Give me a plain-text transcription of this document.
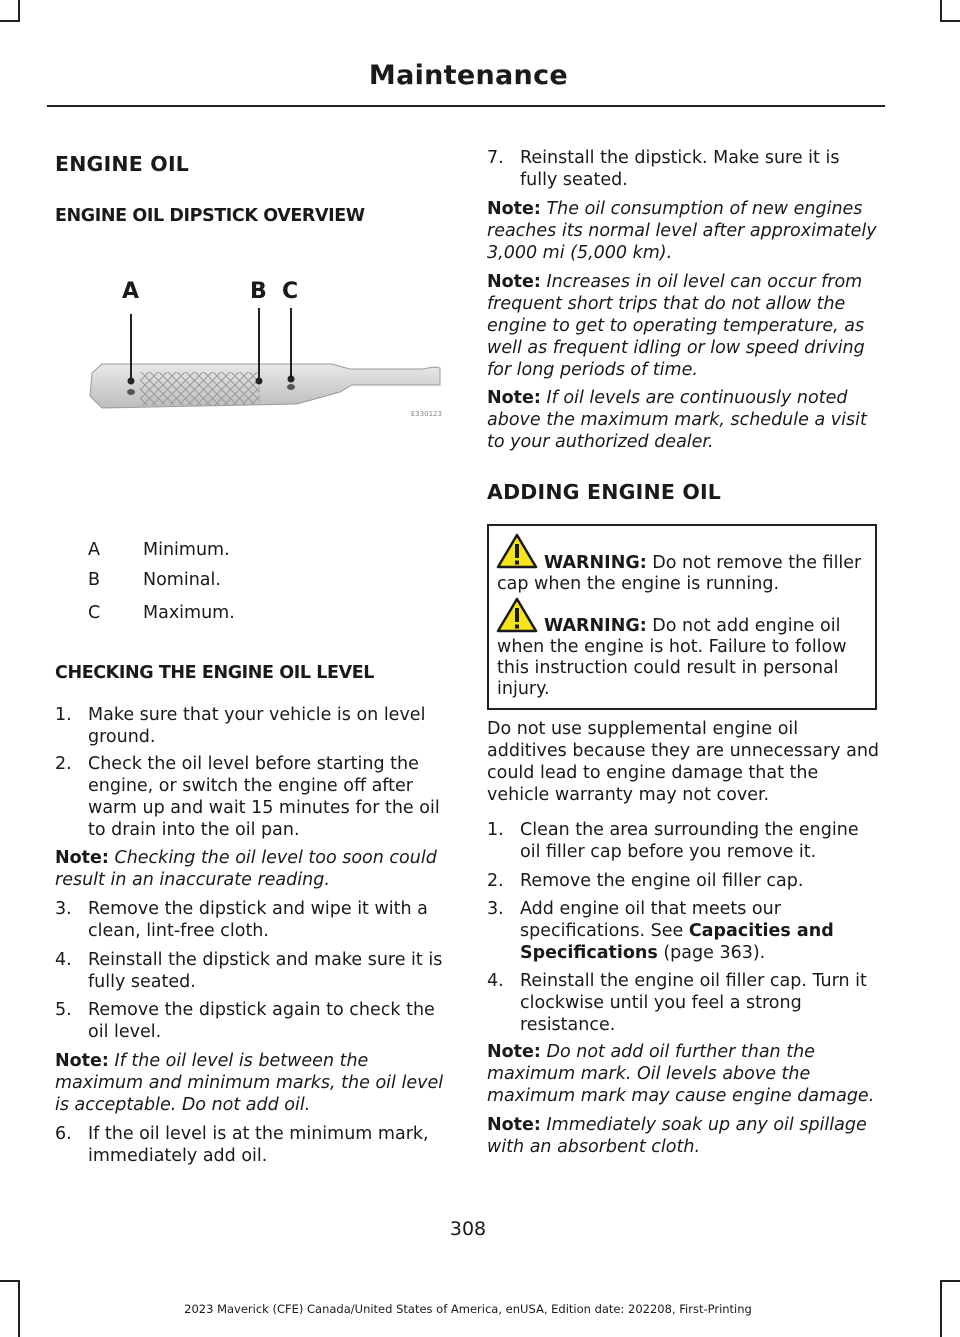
Maintenance
ENGINE OIL
ENGINE OIL DIPSTICK OVERVIEW
A	B C
E330123
A Minimum.
B Nominal.
C Maximum.
CHECKING THE ENGINE OIL LEVEL
1. Make sure that your vehicle is on level ground.
2. Check the oil level before starting the engine, or switch the engine off after warm up and wait 15 minutes for the oil to drain into the oil pan.
Note: Checking the oil level too soon could result in an inaccurate reading.
3. Remove the dipstick and wipe it with a clean, lint-free cloth.
4. Reinstall the dipstick and make sure it is fully seated.
5. Remove the dipstick again to check the oil level.
Note: If the oil level is between the maximum and minimum marks, the oil level is acceptable. Do not add oil.
6. If the oil level is at the minimum mark, immediately add oil.
7. Reinstall the dipstick. Make sure it is fully seated.
Note: The oil consumption of new engines reaches its normal level after approximately 3,000 mi (5,000 km).
Note: Increases in oil level can occur from frequent short trips that do not allow the engine to get to operating temperature, as well as frequent idling or low speed driving for long periods of time.
Note: If oil levels are continuously noted above the maximum mark, schedule a visit to your authorized dealer.
ADDING ENGINE OIL
WARNING: Do not remove the filler cap when the engine is running.
WARNING: Do not add engine oil when the engine is hot. Failure to follow this instruction could result in personal injury.
Do not use supplemental engine oil additives because they are unnecessary and could lead to engine damage that the vehicle warranty may not cover.
1. Clean the area surrounding the engine oil filler cap before you remove it.
2. Remove the engine oil filler cap.
3. Add engine oil that meets our specifications. See Capacities and Specifications (page 363).
4. Reinstall the engine oil filler cap. Turn it clockwise until you feel a strong resistance.
Note: Do not add oil further than the maximum mark. Oil levels above the maximum mark may cause engine damage.
Note: Immediately soak up any oil spillage with an absorbent cloth.
308
2023 Maverick (CFE) Canada/United States of America, enUSA, Edition date: 202208, First-Printing
